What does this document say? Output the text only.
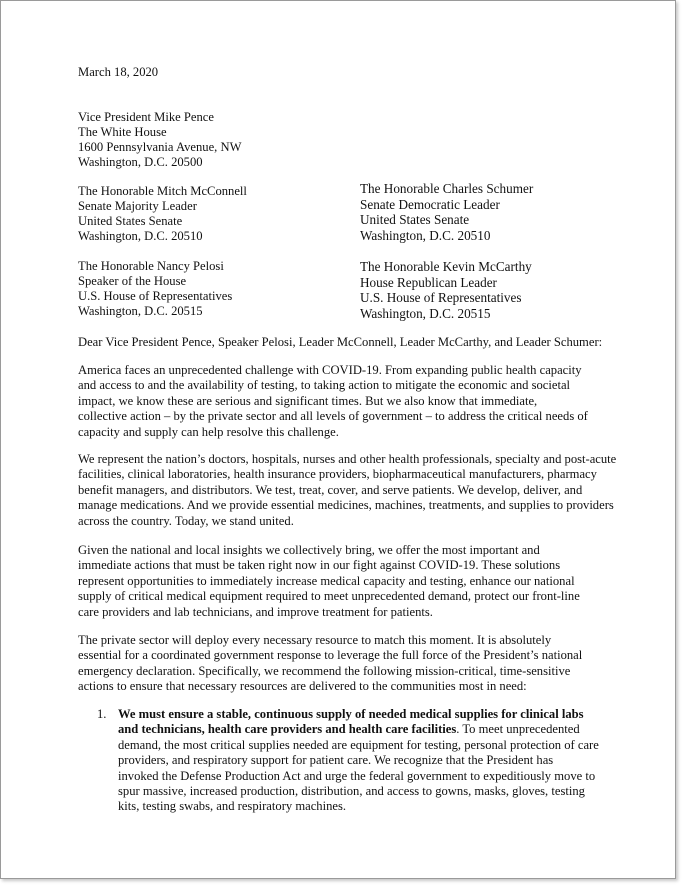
March 18, 2020
Vice President Mike Pence
The White House
1600 Pennsylvania Avenue, NW
Washington, D.C. 20500
The Honorable Mitch McConnell
Senate Majority Leader
United States Senate
Washington, D.C. 20510
The Honorable Charles Schumer
Senate Democratic Leader
United States Senate
Washington, D.C. 20510
The Honorable Nancy Pelosi
Speaker of the House
U.S. House of Representatives
Washington, D.C. 20515
The Honorable Kevin McCarthy
House Republican Leader
U.S. House of Representatives
Washington, D.C. 20515
Dear Vice President Pence, Speaker Pelosi, Leader McConnell, Leader McCarthy, and Leader Schumer:
America faces an unprecedented challenge with COVID-19. From expanding public health capacity
and access to and the availability of testing, to taking action to mitigate the economic and societal
impact, we know these are serious and significant times. But we also know that immediate,
collective action – by the private sector and all levels of government – to address the critical needs of
capacity and supply can help resolve this challenge.
We represent the nation’s doctors, hospitals, nurses and other health professionals, specialty and post-acute
facilities, clinical laboratories, health insurance providers, biopharmaceutical manufacturers, pharmacy
benefit managers, and distributors. We test, treat, cover, and serve patients. We develop, deliver, and
manage medications. And we provide essential medicines, machines, treatments, and supplies to providers
across the country. Today, we stand united.
Given the national and local insights we collectively bring, we offer the most important and
immediate actions that must be taken right now in our fight against COVID-19. These solutions
represent opportunities to immediately increase medical capacity and testing, enhance our national
supply of critical medical equipment required to meet unprecedented demand, protect our front-line
care providers and lab technicians, and improve treatment for patients.
The private sector will deploy every necessary resource to match this moment. It is absolutely
essential for a coordinated government response to leverage the full force of the President’s national
emergency declaration. Specifically, we recommend the following mission-critical, time-sensitive
actions to ensure that necessary resources are delivered to the communities most in need:
1. We must ensure a stable, continuous supply of needed medical supplies for clinical labs
and technicians, health care providers and health care facilities. To meet unprecedented
demand, the most critical supplies needed are equipment for testing, personal protection of care
providers, and respiratory support for patient care. We recognize that the President has
invoked the Defense Production Act and urge the federal government to expeditiously move to
spur massive, increased production, distribution, and access to gowns, masks, gloves, testing
kits, testing swabs, and respiratory machines.
